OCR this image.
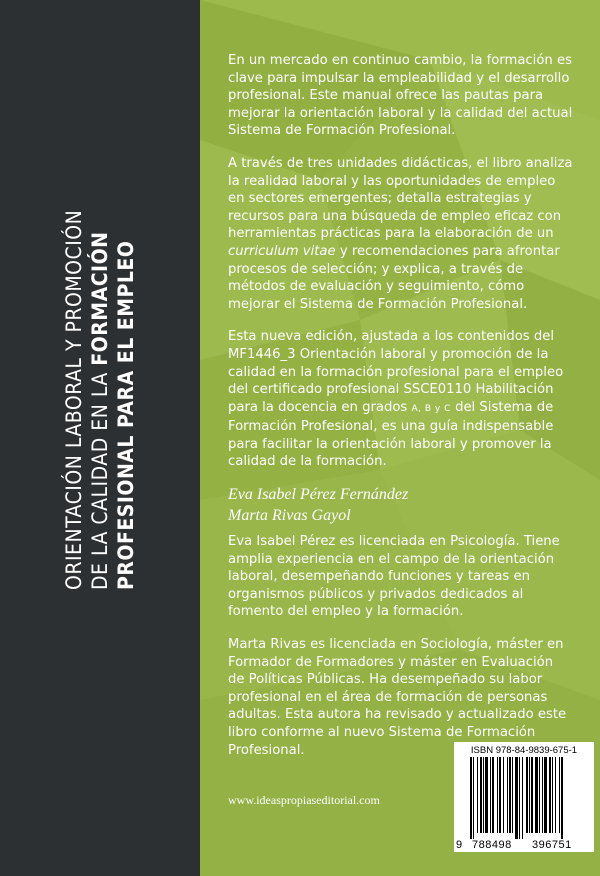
ORIENTACIÓN LABORAL Y PROMOCIÓN DE LA CALIDAD EN LA FORMACIÓN PROFESIONAL PARA EL EMPLEO

En un mercado en continuo cambio, la formación es clave para impulsar la empleabilidad y el desarrollo profesional. Este manual ofrece las pautas para mejorar la orientación laboral y la calidad del actual Sistema de Formación Profesional.

A través de tres unidades didácticas, el libro analiza la realidad laboral y las oportunidades de empleo en sectores emergentes; detalla estrategias y recursos para una búsqueda de empleo eficaz con herramientas prácticas para la elaboración de un curriculum vitae y recomendaciones para afrontar procesos de selección; y explica, a través de métodos de evaluación y seguimiento, cómo mejorar el Sistema de Formación Profesional.

Esta nueva edición, ajustada a los contenidos del MF1446_3 Orientación laboral y promoción de la calidad en la formación profesional para el empleo del certificado profesional SSCE0110 Habilitación para la docencia en grados A, B y C del Sistema de Formación Profesional, es una guía indispensable para facilitar la orientación laboral y promover la calidad de la formación.

Eva Isabel Pérez Fernández
Marta Rivas Gayol

Eva Isabel Pérez es licenciada en Psicología. Tiene amplia experiencia en el campo de la orientación laboral, desempeñando funciones y tareas en organismos públicos y privados dedicados al fomento del empleo y la formación.

Marta Rivas es licenciada en Sociología, máster en Formador de Formadores y máster en Evaluación de Políticas Públicas. Ha desempeñado su labor profesional en el área de formación de personas adultas. Esta autora ha revisado y actualizado este libro conforme al nuevo Sistema de Formación Profesional.

www.ideaspropiaseditorial.com
ISBN 978-84-9839-675-1
9 788498 396751
